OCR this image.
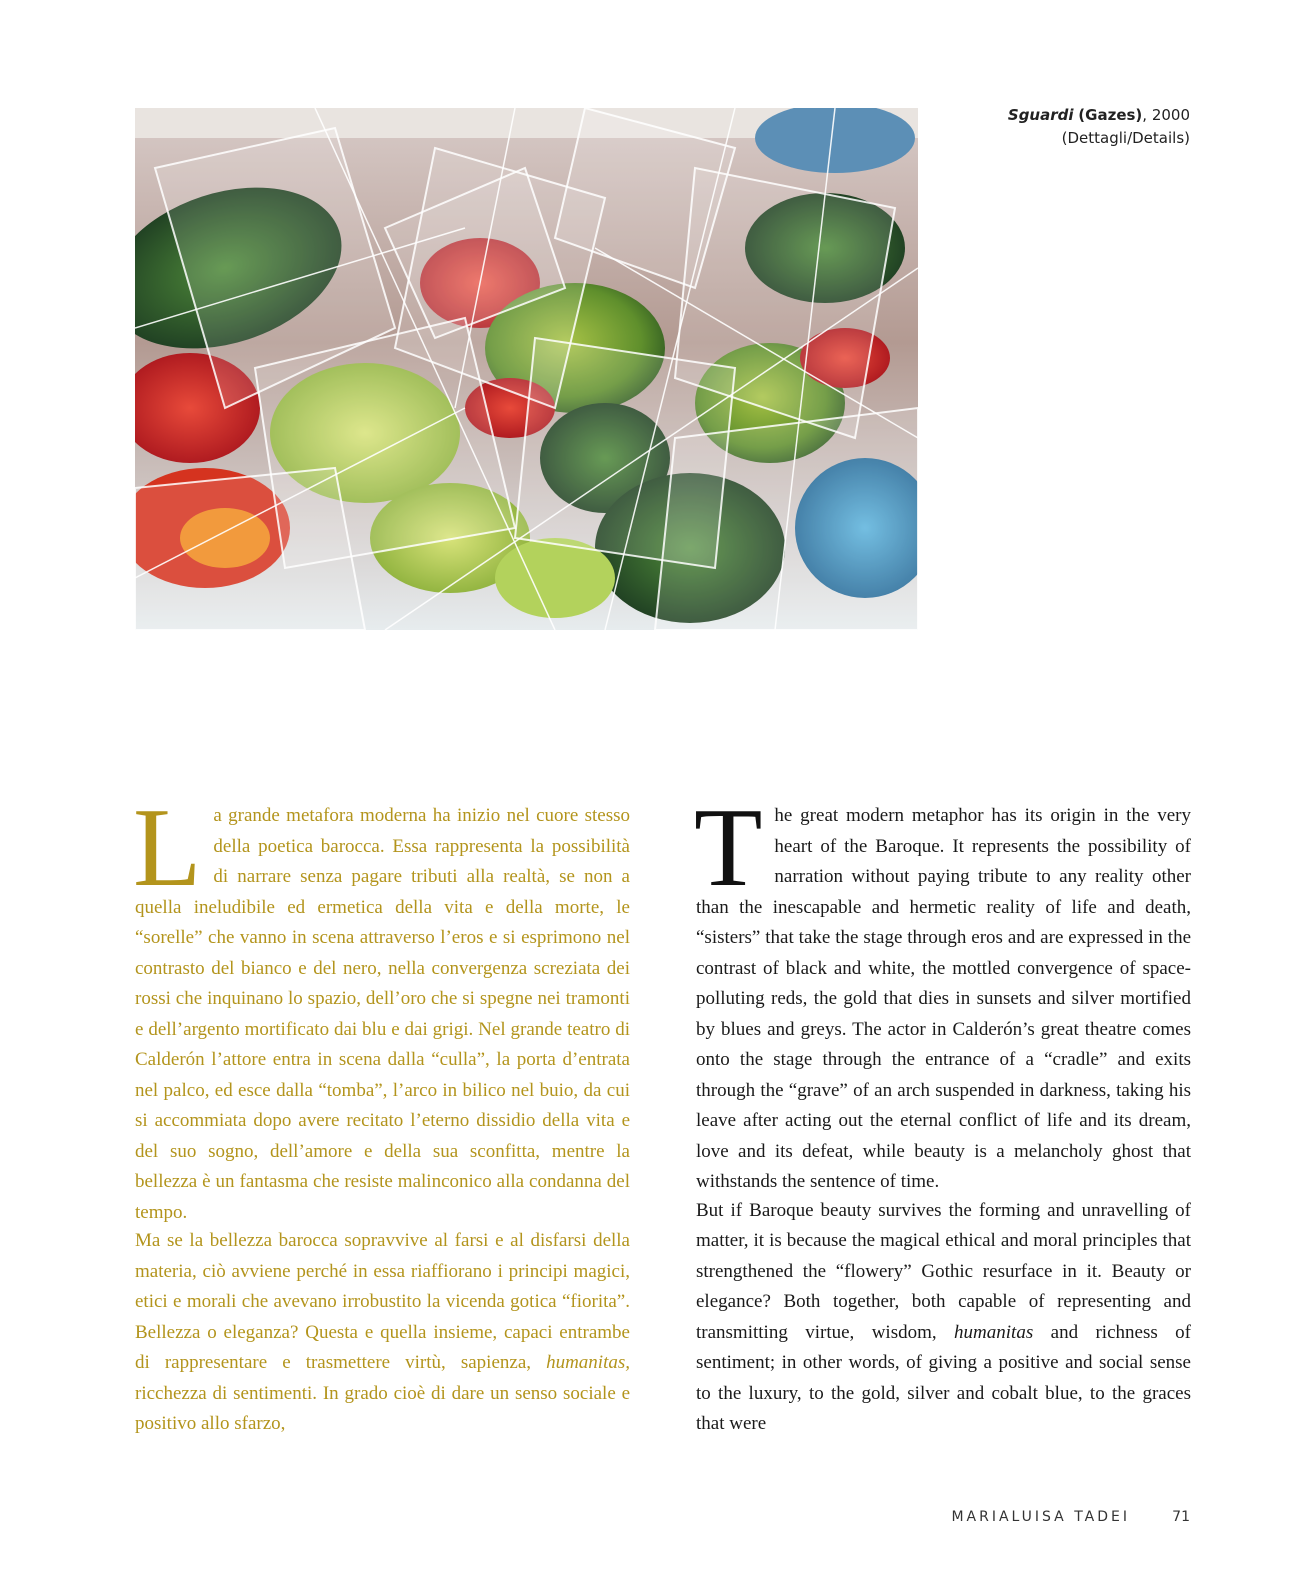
Sguardi (Gazes), 2000
(Dettagli/Details)

La grande metafora moderna ha inizio nel cuore stesso della poetica barocca. Essa rappresenta la possibilità di narrare senza pagare tributi alla realtà, se non a quella ineludibile ed ermetica della vita e della morte, le “sorelle” che vanno in scena attraverso l’eros e si esprimono nel contrasto del bianco e del nero, nella convergenza screziata dei rossi che inquinano lo spazio, dell’oro che si spegne nei tramonti e dell’argento mortificato dai blu e dai grigi. Nel grande teatro di Calderón l’attore entra in scena dalla “culla”, la porta d’entrata nel palco, ed esce dalla “tomba”, l’arco in bilico nel buio, da cui si accommiata dopo avere recitato l’eterno dissidio della vita e del suo sogno, dell’amore e della sua sconfitta, mentre la bellezza è un fantasma che resiste malinconico alla condanna del tempo.

Ma se la bellezza barocca sopravvive al farsi e al disfarsi della materia, ciò avviene perché in essa riaffiorano i principi magici, etici e morali che avevano irrobustito la vicenda gotica “fiorita”. Bellezza o eleganza? Questa e quella insieme, capaci entrambe di rappresentare e trasmettere virtù, sapienza, humanitas, ricchezza di sentimenti. In grado cioè di dare un senso sociale e positivo allo sfarzo,

The great modern metaphor has its origin in the very heart of the Baroque. It represents the possibility of narration without paying tribute to any reality other than the inescapable and hermetic reality of life and death, “sisters” that take the stage through eros and are expressed in the contrast of black and white, the mottled convergence of space-polluting reds, the gold that dies in sunsets and silver mortified by blues and greys. The actor in Calderón’s great theatre comes onto the stage through the entrance of a “cradle” and exits through the “grave” of an arch suspended in darkness, taking his leave after acting out the eternal conflict of life and its dream, love and its defeat, while beauty is a melancholy ghost that withstands the sentence of time.

But if Baroque beauty survives the forming and unravelling of matter, it is because the magical ethical and moral principles that strengthened the “flowery” Gothic resurface in it. Beauty or elegance? Both together, both capable of representing and transmitting virtue, wisdom, humanitas and richness of sentiment; in other words, of giving a positive and social sense to the luxury, to the gold, silver and cobalt blue, to the graces that were

MARIALUISA TADEI	71
